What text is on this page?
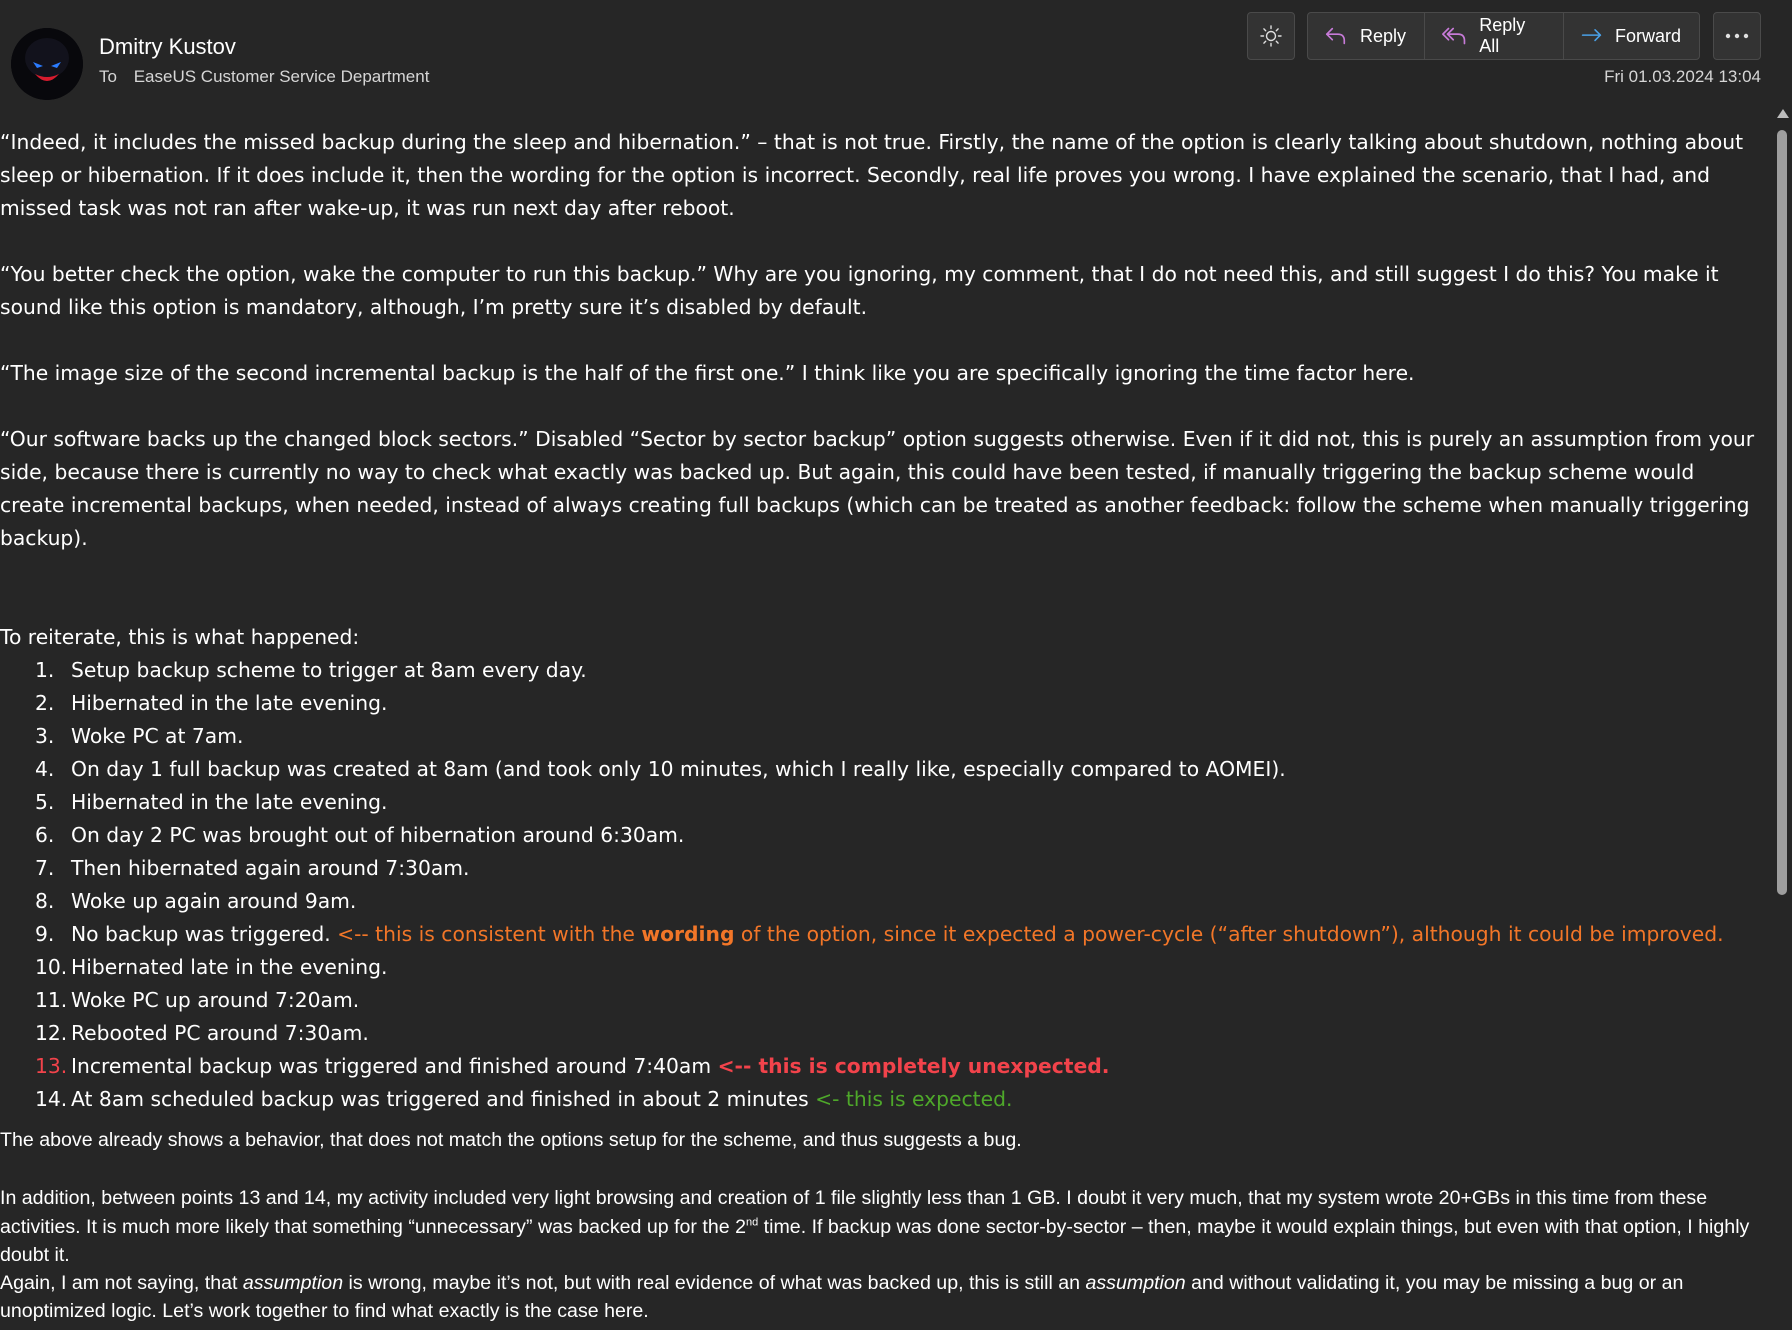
Dmitry Kustov
To EaseUS Customer Service Department	Fri 01.03.2024 13:04
Reply
Reply All
Forward

“Indeed, it includes the missed backup during the sleep and hibernation.” – that is not true. Firstly, the name of the option is clearly talking about shutdown, nothing about sleep or hibernation. If it does include it, then the wording for the option is incorrect. Secondly, real life proves you wrong. I have explained the scenario, that I had, and missed task was not ran after wake-up, it was run next day after reboot.

“You better check the option, wake the computer to run this backup.” Why are you ignoring, my comment, that I do not need this, and still suggest I do this? You make it sound like this option is mandatory, although, I’m pretty sure it’s disabled by default.

“The image size of the second incremental backup is the half of the first one.” I think like you are specifically ignoring the time factor here.

“Our software backs up the changed block sectors.” Disabled “Sector by sector backup” option suggests otherwise. Even if it did not, this is purely an assumption from your side, because there is currently no way to check what exactly was backed up. But again, this could have been tested, if manually triggering the backup scheme would create incremental backups, when needed, instead of always creating full backups (which can be treated as another feedback: follow the scheme when manually triggering backup).

To reiterate, this is what happened:

1. Setup backup scheme to trigger at 8am every day.
2. Hibernated in the late evening.
3. Woke PC at 7am.
4. On day 1 full backup was created at 8am (and took only 10 minutes, which I really like, especially compared to AOMEI).
5. Hibernated in the late evening.
6. On day 2 PC was brought out of hibernation around 6:30am.
7. Then hibernated again around 7:30am.
8. Woke up again around 9am.
9. No backup was triggered. <-- this is consistent with the wording of the option, since it expected a power-cycle (“after shutdown”), although it could be improved.
10. Hibernated late in the evening.
11. Woke PC up around 7:20am.
12. Rebooted PC around 7:30am.
13. Incremental backup was triggered and finished around 7:40am <-- this is completely unexpected.
14. At 8am scheduled backup was triggered and finished in about 2 minutes <- this is expected.

The above already shows a behavior, that does not match the options setup for the scheme, and thus suggests a bug.

In addition, between points 13 and 14, my activity included very light browsing and creation of 1 file slightly less than 1 GB. I doubt it very much, that my system wrote 20+GBs in this time from these activities. It is much more likely that something “unnecessary” was backed up for the 2nd time. If backup was done sector-by-sector – then, maybe it would explain things, but even with that option, I highly doubt it.

Again, I am not saying, that assumption is wrong, maybe it’s not, but with real evidence of what was backed up, this is still an assumption and without validating it, you may be missing a bug or an unoptimized logic. Let’s work together to find what exactly is the case here.
